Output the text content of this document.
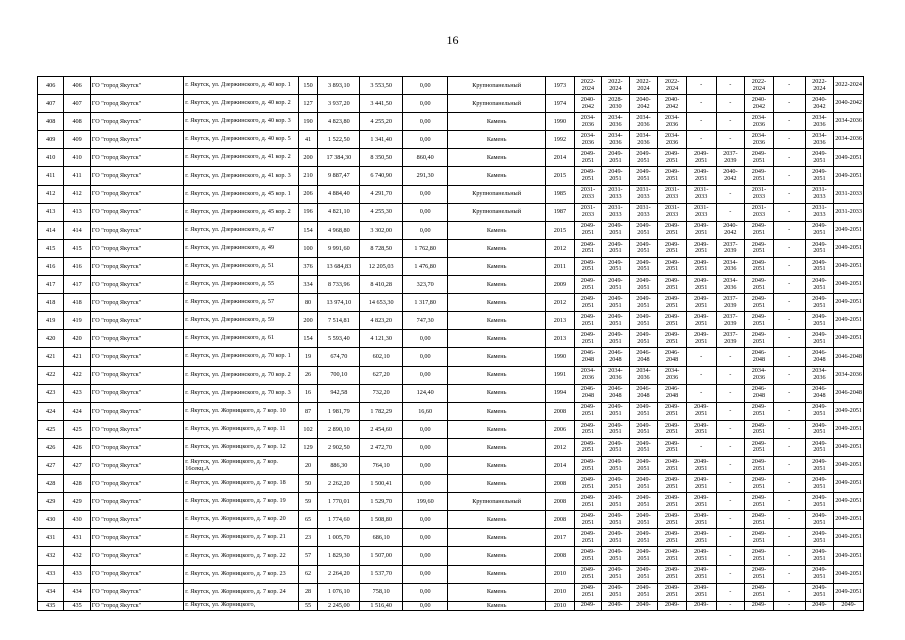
16
406	406	ГО "город Якутск"	г. Якутск, ул. Дзержинского, д. 40 кор. 1	150	3 893,10	3 553,50	0,00	Крупнопанельный	1973	2022-2024	2022-2024	2022-2024	2022-2024	-	-	2022-2024	-	2022-2024	2022-2024
407	407	ГО "город Якутск"	г. Якутск, ул. Дзержинского, д. 40 кор. 2	127	3 937,20	3 441,50	0,00	Крупнопанельный	1974	2040-2042	2028-2030	2040-2042	2040-2042	-	-	2040-2042	-	2040-2042	2040-2042
408	408	ГО "город Якутск"	г. Якутск, ул. Дзержинского, д. 40 кор. 3	190	4 823,80	4 255,20	0,00	Камень	1990	2034-2036	2034-2036	2034-2036	2034-2036	-	-	2034-2036	-	2034-2036	2034-2036
409	409	ГО "город Якутск"	г. Якутск, ул. Дзержинского, д. 40 кор. 5	41	1 522,50	1 341,40	0,00	Камень	1992	2034-2036	2034-2036	2034-2036	2034-2036	-	-	2034-2036	-	2034-2036	2034-2036
410	410	ГО "город Якутск"	г. Якутск, ул. Дзержинского, д. 41 кор. 2	200	17 384,30	8 350,50	860,40	Камень	2014	2049-2051	2049-2051	2049-2051	2049-2051	2049-2051	2037-2039	2049-2051	-	2049-2051	2049-2051
411	411	ГО "город Якутск"	г. Якутск, ул. Дзержинского, д. 41 кор. 3	210	9 887,47	6 740,90	291,30	Камень	2015	2049-2051	2049-2051	2049-2051	2049-2051	2049-2051	2040-2042	2049-2051	-	2049-2051	2049-2051
412	412	ГО "город Якутск"	г. Якутск, ул. Дзержинского, д. 45 кор. 1	206	4 884,40	4 291,70	0,00	Крупнопанельный	1985	2031-2033	2031-2033	2031-2033	2031-2033	2031-2033	-	2031-2033	-	2031-2033	2031-2033
413	413	ГО "город Якутск"	г. Якутск, ул. Дзержинского, д. 45 кор. 2	196	4 821,10	4 255,30	0,00	Крупнопанельный	1987	2031-2033	2031-2033	2031-2033	2031-2033	2031-2033	-	2031-2033	-	2031-2033	2031-2033
414	414	ГО "город Якутск"	г. Якутск, ул. Дзержинского, д. 47	154	4 968,80	3 302,00	0,00	Камень	2015	2049-2051	2049-2051	2049-2051	2049-2051	2049-2051	2040-2042	2049-2051	-	2049-2051	2049-2051
415	415	ГО "город Якутск"	г. Якутск, ул. Дзержинского, д. 49	100	9 991,60	8 728,50	1 762,80	Камень	2012	2049-2051	2049-2051	2049-2051	2049-2051	2049-2051	2037-2039	2049-2051	-	2049-2051	2049-2051
416	416	ГО "город Якутск"	г. Якутск, ул. Дзержинского, д. 51	376	13 684,83	12 205,03	1 476,80	Камень	2011	2049-2051	2049-2051	2049-2051	2049-2051	2049-2051	2034-2036	2049-2051	-	2049-2051	2049-2051
417	417	ГО "город Якутск"	г. Якутск, ул. Дзержинского, д. 55	334	8 733,96	8 410,28	323,70	Камень	2009	2049-2051	2049-2051	2049-2051	2049-2051	2049-2051	2034-2036	2049-2051	-	2049-2051	2049-2051
418	418	ГО "город Якутск"	г. Якутск, ул. Дзержинского, д. 57	80	13 974,10	14 653,30	1 317,80	Камень	2012	2049-2051	2049-2051	2049-2051	2049-2051	2049-2051	2037-2039	2049-2051	-	2049-2051	2049-2051
419	419	ГО "город Якутск"	г. Якутск, ул. Дзержинского, д. 59	200	7 514,81	4 823,20	747,30	Камень	2013	2049-2051	2049-2051	2049-2051	2049-2051	2049-2051	2037-2039	2049-2051	-	2049-2051	2049-2051
420	420	ГО "город Якутск"	г. Якутск, ул. Дзержинского, д. 61	154	5 593,40	4 121,30	0,00	Камень	2013	2049-2051	2049-2051	2049-2051	2049-2051	2049-2051	2037-2039	2049-2051	-	2049-2051	2049-2051
421	421	ГО "город Якутск"	г. Якутск, ул. Дзержинского, д. 70 кор. 1	19	674,70	602,10	0,00	Камень	1990	2046-2048	2046-2048	2046-2048	2046-2048	-	-	2046-2048	-	2046-2048	2046-2048
422	422	ГО "город Якутск"	г. Якутск, ул. Дзержинского, д. 70 кор. 2	26	700,10	627,20	0,00	Камень	1991	2034-2036	2034-2036	2034-2036	2034-2036	-	-	2034-2036	-	2034-2036	2034-2036
423	423	ГО "город Якутск"	г. Якутск, ул. Дзержинского, д. 70 кор. 3	16	942,58	732,20	124,40	Камень	1994	2046-2048	2046-2048	2046-2048	2046-2048	-	-	2046-2048	-	2046-2048	2046-2048
424	424	ГО "город Якутск"	г. Якутск, ул. Жорницкого, д. 7 кор. 10	87	1 981,79	1 782,29	16,60	Камень	2008	2049-2051	2049-2051	2049-2051	2049-2051	2049-2051	-	2049-2051	-	2049-2051	2049-2051
425	425	ГО "город Якутск"	г. Якутск, ул. Жорницкого, д. 7 кор. 11	102	2 890,10	2 454,60	0,00	Камень	2006	2049-2051	2049-2051	2049-2051	2049-2051	2049-2051	-	2049-2051	-	2049-2051	2049-2051
426	426	ГО "город Якутск"	г. Якутск, ул. Жорницкого, д. 7 кор. 12	129	2 902,50	2 472,70	0,00	Камень	2012	2049-2051	2049-2051	2049-2051	2049-2051	-	-	2049-2051	-	2049-2051	2049-2051
427	427	ГО "город Якутск"	г. Якутск, ул. Жорницкого, д. 7 кор. 16секц.А	20	886,30	764,10	0,00	Камень	2014	2049-2051	2049-2051	2049-2051	2049-2051	2049-2051	-	2049-2051	-	2049-2051	2049-2051
428	428	ГО "город Якутск"	г. Якутск, ул. Жорницкого, д. 7 кор. 18	50	2 262,20	1 500,41	0,00	Камень	2008	2049-2051	2049-2051	2049-2051	2049-2051	2049-2051	-	2049-2051	-	2049-2051	2049-2051
429	429	ГО "город Якутск"	г. Якутск, ул. Жорницкого, д. 7 кор. 19	59	1 770,01	1 529,70	199,60	Крупнопанельный	2008	2049-2051	2049-2051	2049-2051	2049-2051	2049-2051	-	2049-2051	-	2049-2051	2049-2051
430	430	ГО "город Якутск"	г. Якутск, ул. Жорницкого, д. 7 кор. 20	65	1 774,60	1 508,80	0,00	Камень	2008	2049-2051	2049-2051	2049-2051	2049-2051	2049-2051	-	2049-2051	-	2049-2051	2049-2051
431	431	ГО "город Якутск"	г. Якутск, ул. Жорницкого, д. 7 кор. 21	23	1 005,70	686,10	0,00	Камень	2017	2049-2051	2049-2051	2049-2051	2049-2051	2049-2051	-	2049-2051	-	2049-2051	2049-2051
432	432	ГО "город Якутск"	г. Якутск, ул. Жорницкого, д. 7 кор. 22	57	1 829,30	1 507,00	0,00	Камень	2008	2049-2051	2049-2051	2049-2051	2049-2051	2049-2051	-	2049-2051	-	2049-2051	2049-2051
433	433	ГО "город Якутск"	г. Якутск, ул. Жорницкого, д. 7 кор. 23	62	2 264,20	1 537,70	0,00	Камень	2010	2049-2051	2049-2051	2049-2051	2049-2051	2049-2051	-	2049-2051	-	2049-2051	2049-2051
434	434	ГО "город Якутск"	г. Якутск, ул. Жорницкого, д. 7 кор. 24	28	1 076,10	758,10	0,00	Камень	2010	2049-2051	2049-2051	2049-2051	2049-2051	2049-2051	-	2049-2051	-	2049-2051	2049-2051
435	435	ГО "город Якутск"	г. Якутск, ул. Жорницкого,	55	2 245,00	1 516,40	0,00	Камень	2010	2049-	2049-	2049-	2049-	2049-	-	2049-	-	2049-	2049-
